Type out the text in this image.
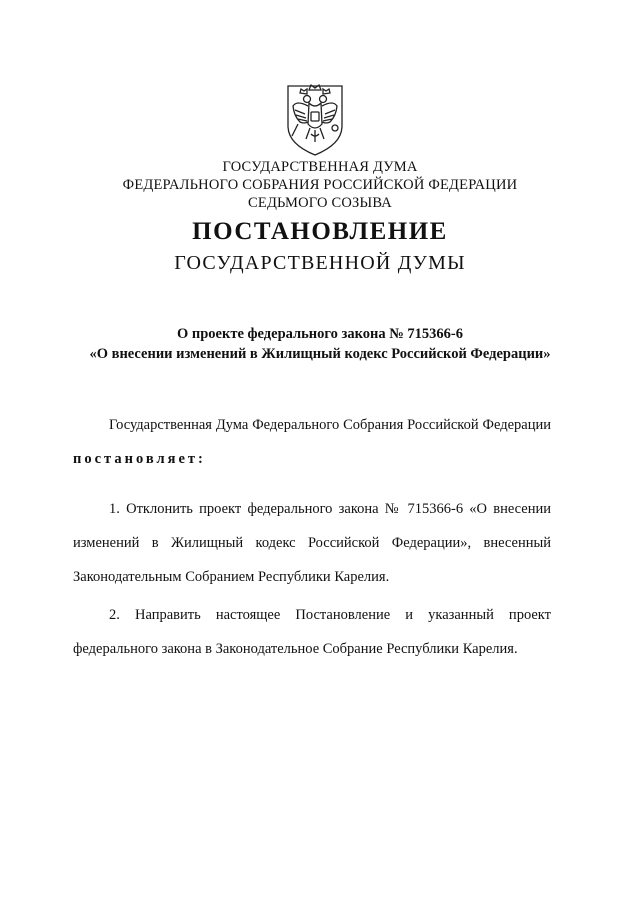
ГОСУДАРСТВЕННАЯ ДУМА
ФЕДЕРАЛЬНОГО СОБРАНИЯ РОССИЙСКОЙ ФЕДЕРАЦИИ
СЕДЬМОГО СОЗЫВА
ПОСТАНОВЛЕНИЕ
ГОСУДАРСТВЕННОЙ ДУМЫ
О проекте федерального закона № 715366-6
«О внесении изменений в Жилищный кодекс Российской Федерации»
Государственная Дума Федерального Собрания Российской Федерации постановляет:
1. Отклонить проект федерального закона № 715366-6 «О внесении изменений в Жилищный кодекс Российской Федерации», внесенный Законодательным Собранием Республики Карелия.
2. Направить настоящее Постановление и указанный проект федерального закона в Законодательное Собрание Республики Карелия.
